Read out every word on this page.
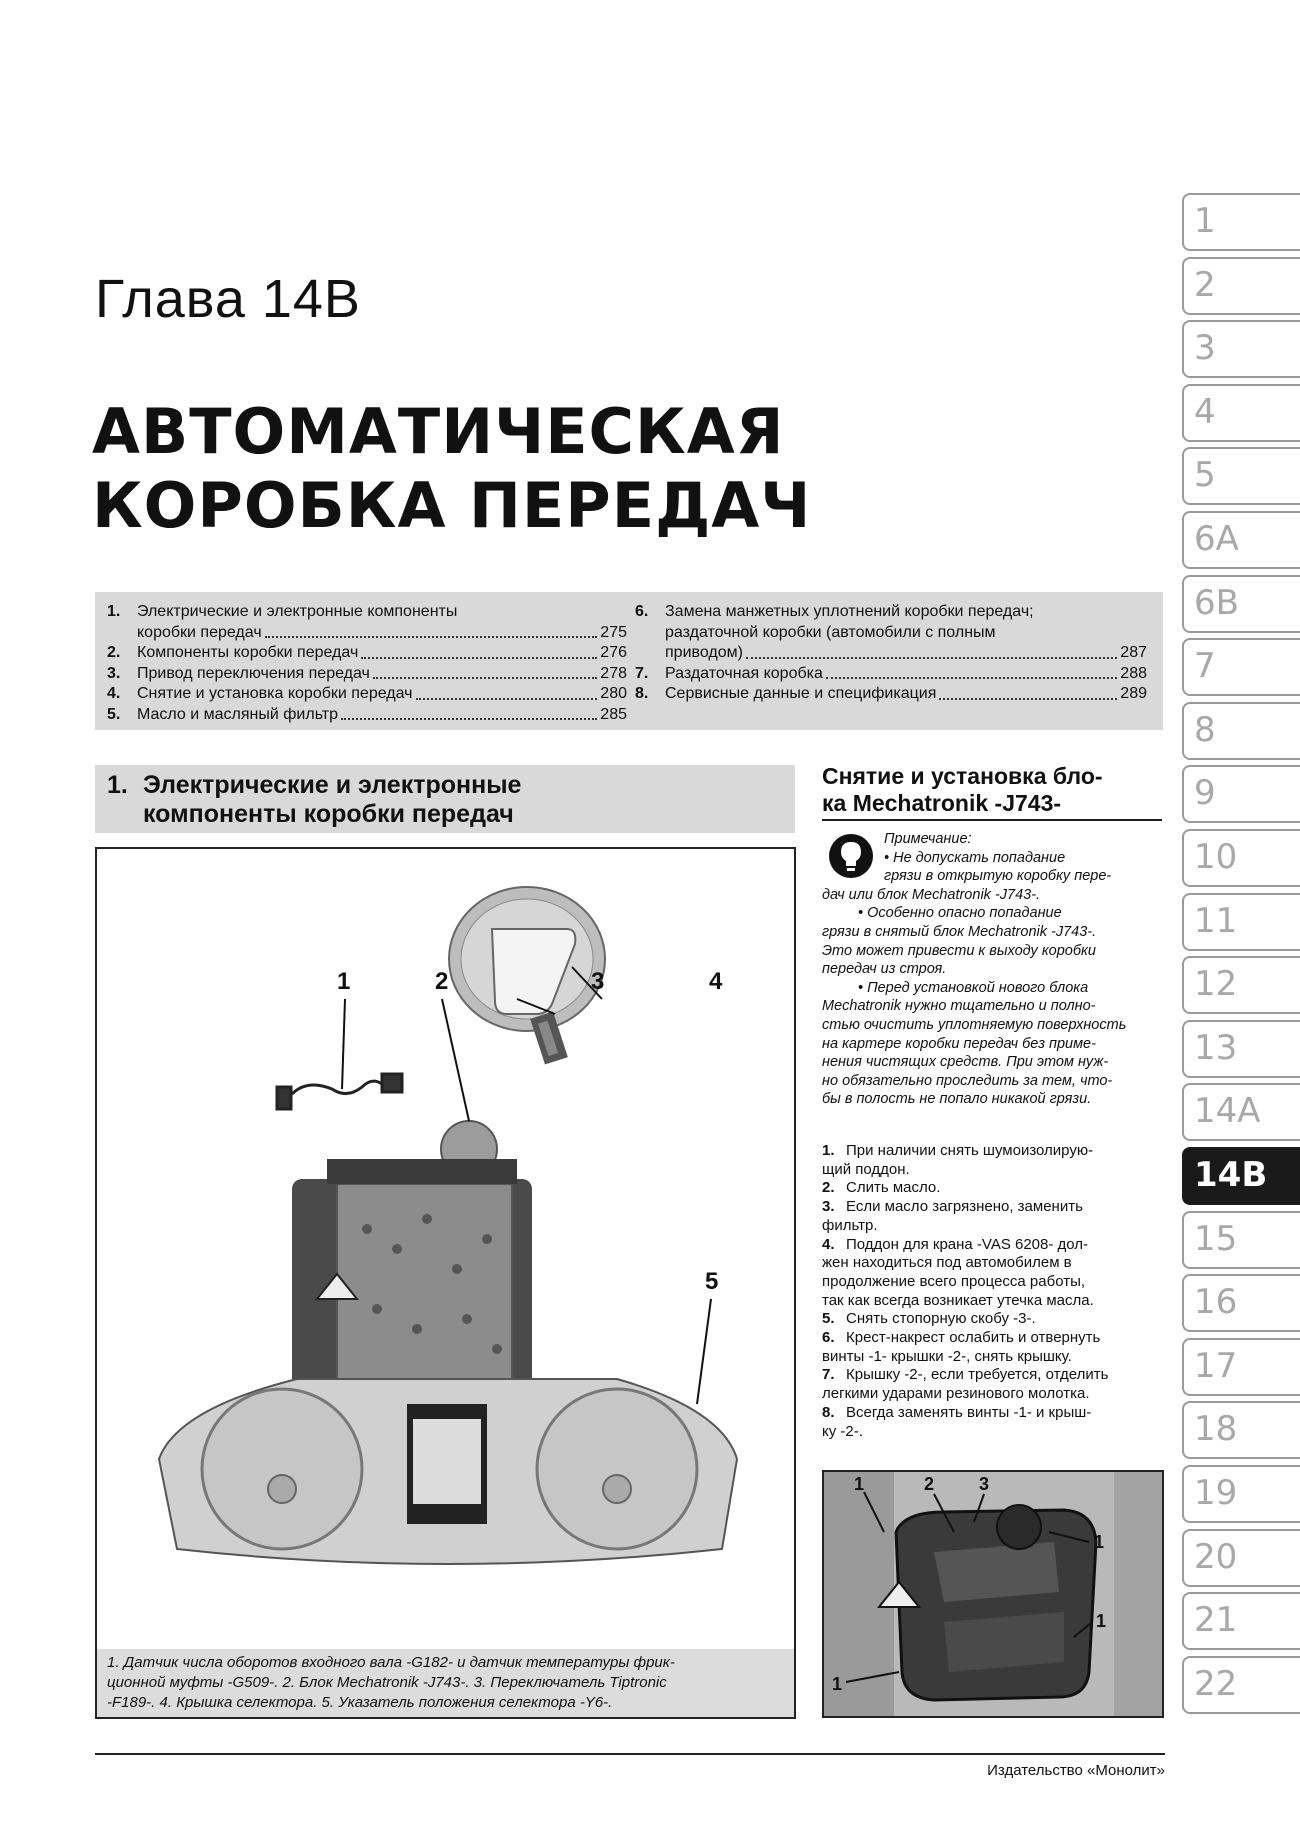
Глава 14В
АВТОМАТИЧЕСКАЯ
КОРОБКА ПЕРЕДАЧ
1.	Электрические и электронные компоненты
коробки передач	275
2.	Компоненты коробки передач	276
3.	Привод переключения передач	278
4.	Снятие и установка коробки передач	280
5.	Масло и масляный фильтр	285
6.	Замена манжетных уплотнений коробки передач;
раздаточной коробки (автомобили с полным
приводом)	287
7.	Раздаточная коробка	288
8.	Сервисные данные и спецификация	289
1. Электрические и электронные
компоненты коробки передач
1	2	3	4
5
1. Датчик числа оборотов входного вала -G182- и датчик температуры фрик-
ционной муфты -G509-. 2. Блок Mechatronik -J743-. 3. Переключатель Tiptronic
-F189-. 4. Крышка селектора. 5. Указатель положения селектора -Y6-.
Снятие и установка бло-
ка Mechatronik -J743-

Примечание:

• Не допускать попадание

грязи в открытую коробку пере-

дач или блок Mechatronik -J743-.

• Особенно опасно попадание

грязи в снятый блок Mechatronik -J743-.

Это может привести к выходу коробки

передач из строя.

• Перед установкой нового блока

Mechatronik нужно тщательно и полно-

стью очистить уплотняемую поверхность

на картере коробки передач без приме-

нения чистящих средств. При этом нуж-

но обязательно проследить за тем, что-

бы в полость не попало никакой грязи.

1. При наличии снять шумоизолирую-

щий поддон.

2. Слить масло.

3. Если масло загрязнено, заменить

фильтр.

4. Поддон для крана -VAS 6208- дол-

жен находиться под автомобилем в

продолжение всего процесса работы,

так как всегда возникает утечка масла.

5. Снять стопорную скобу -3-.

6. Крест-накрест ослабить и отвернуть

винты -1- крышки -2-, снять крышку.

7. Крышку -2-, если требуется, отделить

легкими ударами резинового молотка.

8. Всегда заменять винты -1- и крыш-

ку -2-.

1	2 3
1
1
1
Издательство «Монолит»
1
2
3
4
5
6A
6B
7
8
9
10
11
12
13
14A
14B
15
16
17
18
19
20
21
22
